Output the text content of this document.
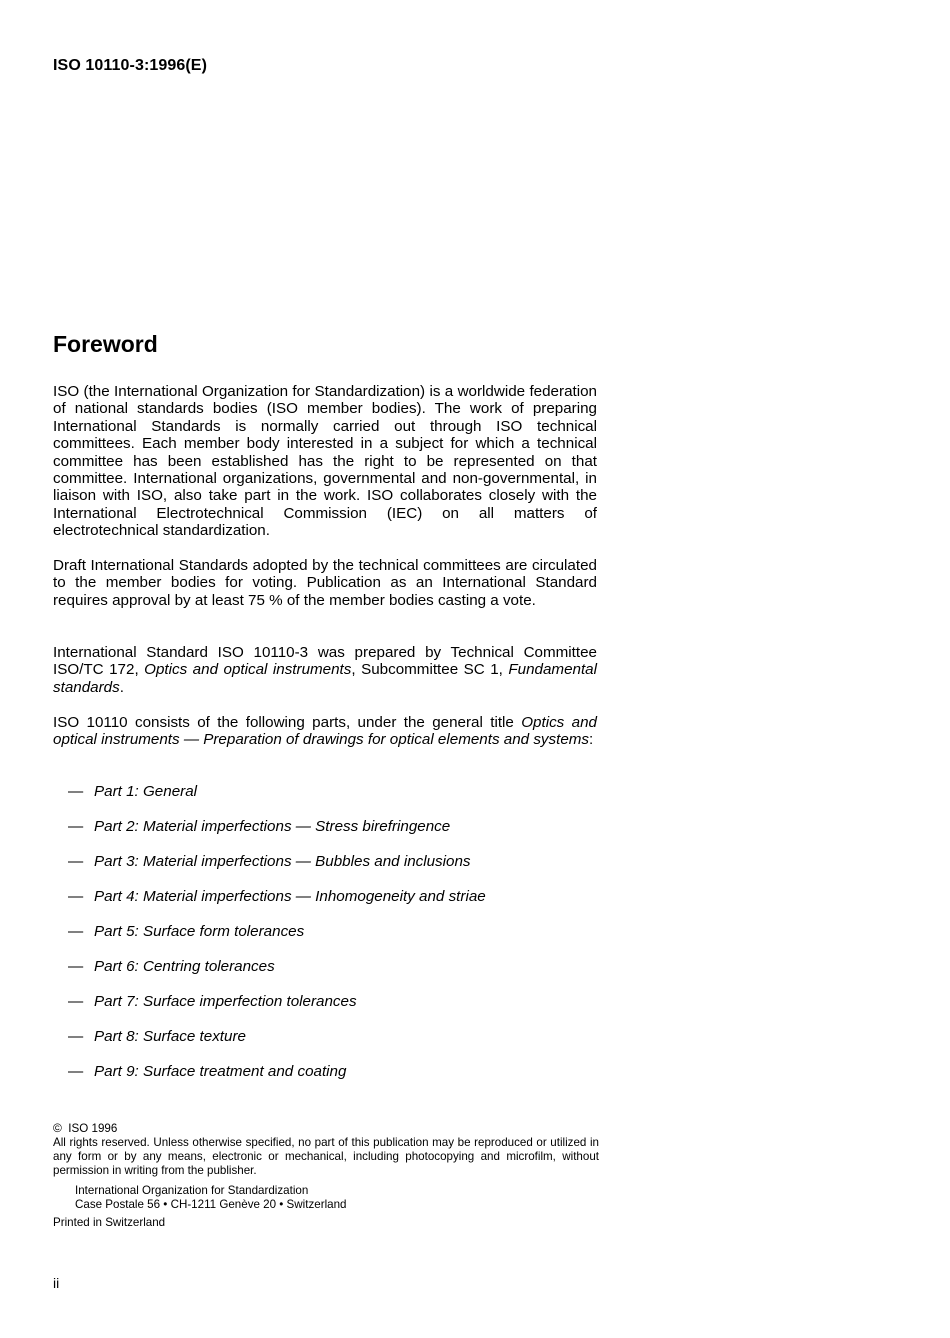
ISO 10110-3:1996(E)
Foreword

ISO (the International Organization for Standardization) is a worldwide federation of national standards bodies (ISO member bodies). The work of preparing International Standards is normally carried out through ISO technical committees. Each member body interested in a subject for which a technical committee has been established has the right to be represented on that committee. International organizations, governmental and non-governmental, in liaison with ISO, also take part in the work. ISO collaborates closely with the International Electrotechnical Commission (IEC) on all matters of electrotechnical standardization.

Draft International Standards adopted by the technical committees are circulated to the member bodies for voting. Publication as an International Standard requires approval by at least 75 % of the member bodies casting a vote.

International Standard ISO 10110-3 was prepared by Technical Committee ISO/TC 172, Optics and optical instruments, Subcommittee SC 1, Fundamental standards.

ISO 10110 consists of the following parts, under the general title Optics and optical instruments — Preparation of drawings for optical elements and systems:

— Part 1: General
— Part 2: Material imperfections — Stress birefringence
— Part 3: Material imperfections — Bubbles and inclusions
— Part 4: Material imperfections — Inhomogeneity and striae
— Part 5: Surface form tolerances
— Part 6: Centring tolerances
— Part 7: Surface imperfection tolerances
— Part 8: Surface texture
— Part 9: Surface treatment and coating
© ISO 1996
All rights reserved. Unless otherwise specified, no part of this publication may be reproduced or utilized in any form or by any means, electronic or mechanical, including photocopying and microfilm, without permission in writing from the publisher.
International Organization for Standardization
Case Postale 56 • CH-1211 Genève 20 • Switzerland
Printed in Switzerland
ii
